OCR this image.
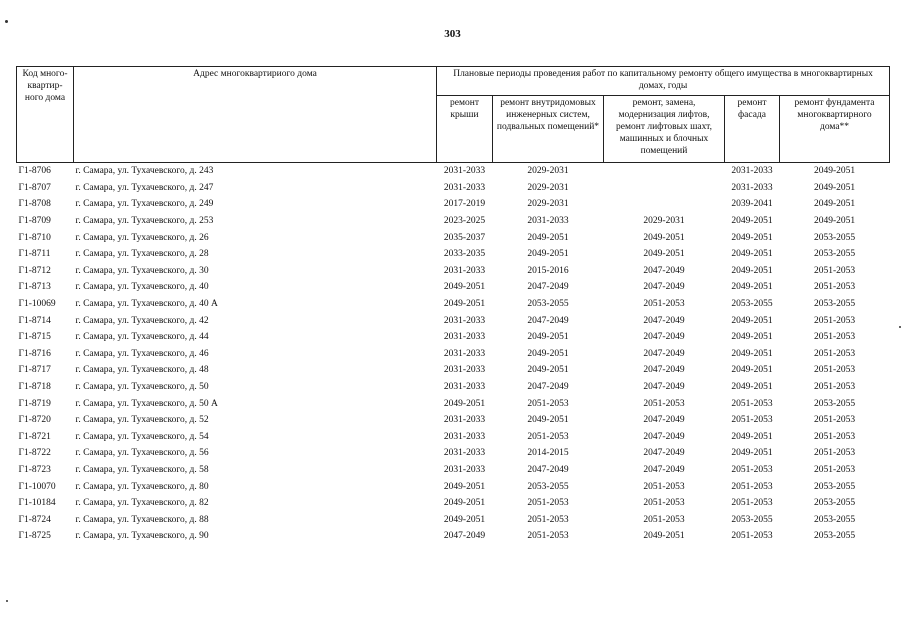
303
Код много-квартир-ного дома	Адрес многоквартириого дома	Плановые периоды проведения работ по капитальному ремонту общего имущества в многоквартирных домах, годы				
		ремонт крыши	ремонт внутридомовых инженерных систем, подвальных помещений*	ремонт, замена, модернизация лифтов, ремонт лифтовых шахт, машинных и блочных помещений	ремонт фасада	ремонт фундамента многоквартирного дома**
Г1-8706	г. Самара, ул. Тухачевского, д. 243	2031-2033	2029-2031		2031-2033	2049-2051
Г1-8707	г. Самара, ул. Тухачевского, д. 247	2031-2033	2029-2031		2031-2033	2049-2051
Г1-8708	г. Самара, ул. Тухачевского, д. 249	2017-2019	2029-2031		2039-2041	2049-2051
Г1-8709	г. Самара, ул. Тухачевского, д. 253	2023-2025	2031-2033	2029-2031	2049-2051	2049-2051
Г1-8710	г. Самара, ул. Тухачевского, д. 26	2035-2037	2049-2051	2049-2051	2049-2051	2053-2055
Г1-8711	г. Самара, ул. Тухачевского, д. 28	2033-2035	2049-2051	2049-2051	2049-2051	2053-2055
Г1-8712	г. Самара, ул. Тухачевского, д. 30	2031-2033	2015-2016	2047-2049	2049-2051	2051-2053
Г1-8713	г. Самара, ул. Тухачевского, д. 40	2049-2051	2047-2049	2047-2049	2049-2051	2051-2053
Г1-10069	г. Самара, ул. Тухачевского, д. 40 А	2049-2051	2053-2055	2051-2053	2053-2055	2053-2055
Г1-8714	г. Самара, ул. Тухачевского, д. 42	2031-2033	2047-2049	2047-2049	2049-2051	2051-2053
Г1-8715	г. Самара, ул. Тухачевского, д. 44	2031-2033	2049-2051	2047-2049	2049-2051	2051-2053
Г1-8716	г. Самара, ул. Тухачевского, д. 46	2031-2033	2049-2051	2047-2049	2049-2051	2051-2053
Г1-8717	г. Самара, ул. Тухачевского, д. 48	2031-2033	2049-2051	2047-2049	2049-2051	2051-2053
Г1-8718	г. Самара, ул. Тухачевского, д. 50	2031-2033	2047-2049	2047-2049	2049-2051	2051-2053
Г1-8719	г. Самара, ул. Тухачевского, д. 50 А	2049-2051	2051-2053	2051-2053	2051-2053	2053-2055
Г1-8720	г. Самара, ул. Тухачевского, д. 52	2031-2033	2049-2051	2047-2049	2051-2053	2051-2053
Г1-8721	г. Самара, ул. Тухачевского, д. 54	2031-2033	2051-2053	2047-2049	2049-2051	2051-2053
Г1-8722	г. Самара, ул. Тухачевского, д. 56	2031-2033	2014-2015	2047-2049	2049-2051	2051-2053
Г1-8723	г. Самара, ул. Тухачевского, д. 58	2031-2033	2047-2049	2047-2049	2051-2053	2051-2053
Г1-10070	г. Самара, ул. Тухачевского, д. 80	2049-2051	2053-2055	2051-2053	2051-2053	2053-2055
Г1-10184	г. Самара, ул. Тухачевского, д. 82	2049-2051	2051-2053	2051-2053	2051-2053	2053-2055
Г1-8724	г. Самара, ул. Тухачевского, д. 88	2049-2051	2051-2053	2051-2053	2053-2055	2053-2055
Г1-8725	г. Самара, ул. Тухачевского, д. 90	2047-2049	2051-2053	2049-2051	2051-2053	2053-2055
